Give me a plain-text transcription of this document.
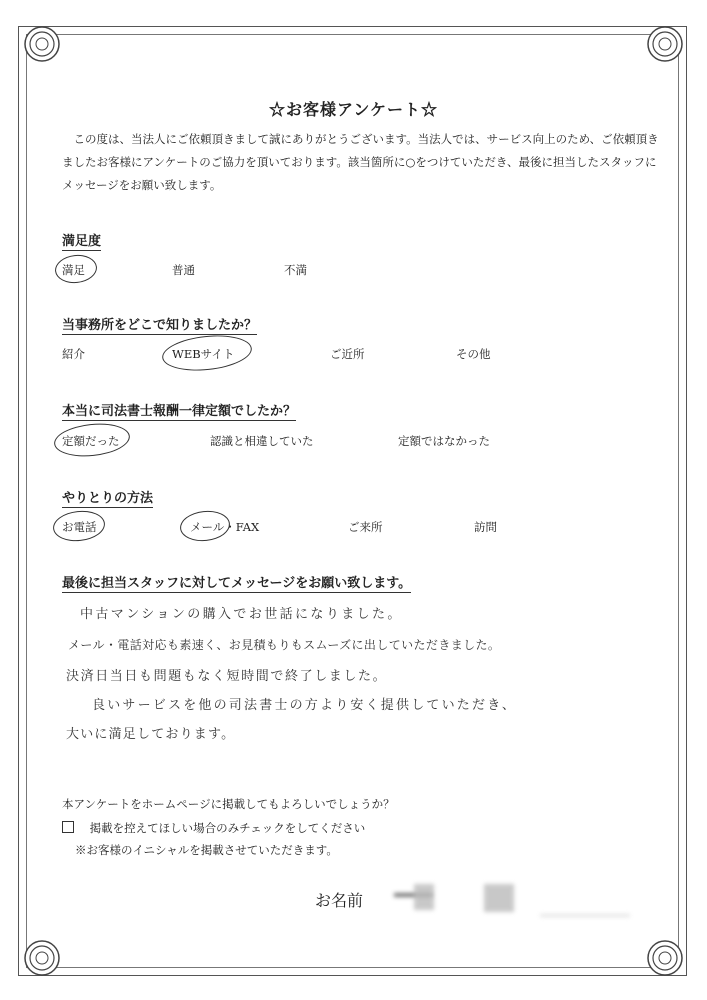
☆お客様アンケート☆
この度は、当法人にご依頼頂きまして誠にありがとうございます。当法人では、サービス向上のため、ご依頼頂きましたお客様にアンケートのご協力を頂いております。該当箇所に○をつけていただき、最後に担当したスタッフにメッセージをお願い致します。
満足度
満足	普通	不満
当事務所をどこで知りましたか？
紹介	WEBサイト	ご近所	その他
本当に司法書士報酬一律定額でしたか？
定額だった	認識と相違していた	定額ではなかった
やりとりの方法
お電話	メール・FAX	ご来所	訪問
最後に担当スタッフに対してメッセージをお願い致します。
中古マンションの購入でお世話になりました。
メール・電話対応も素速く、お見積もりもスムーズに出していただきました。
決済日当日も問題もなく短時間で終了しました。
良いサービスを他の司法書士の方より安く提供していただき、
大いに満足しております。
本アンケートをホームページに掲載してもよろしいでしょうか？
掲載を控えてほしい場合のみチェックをしてください
※お客様のイニシャルを掲載させていただきます。
お名前
